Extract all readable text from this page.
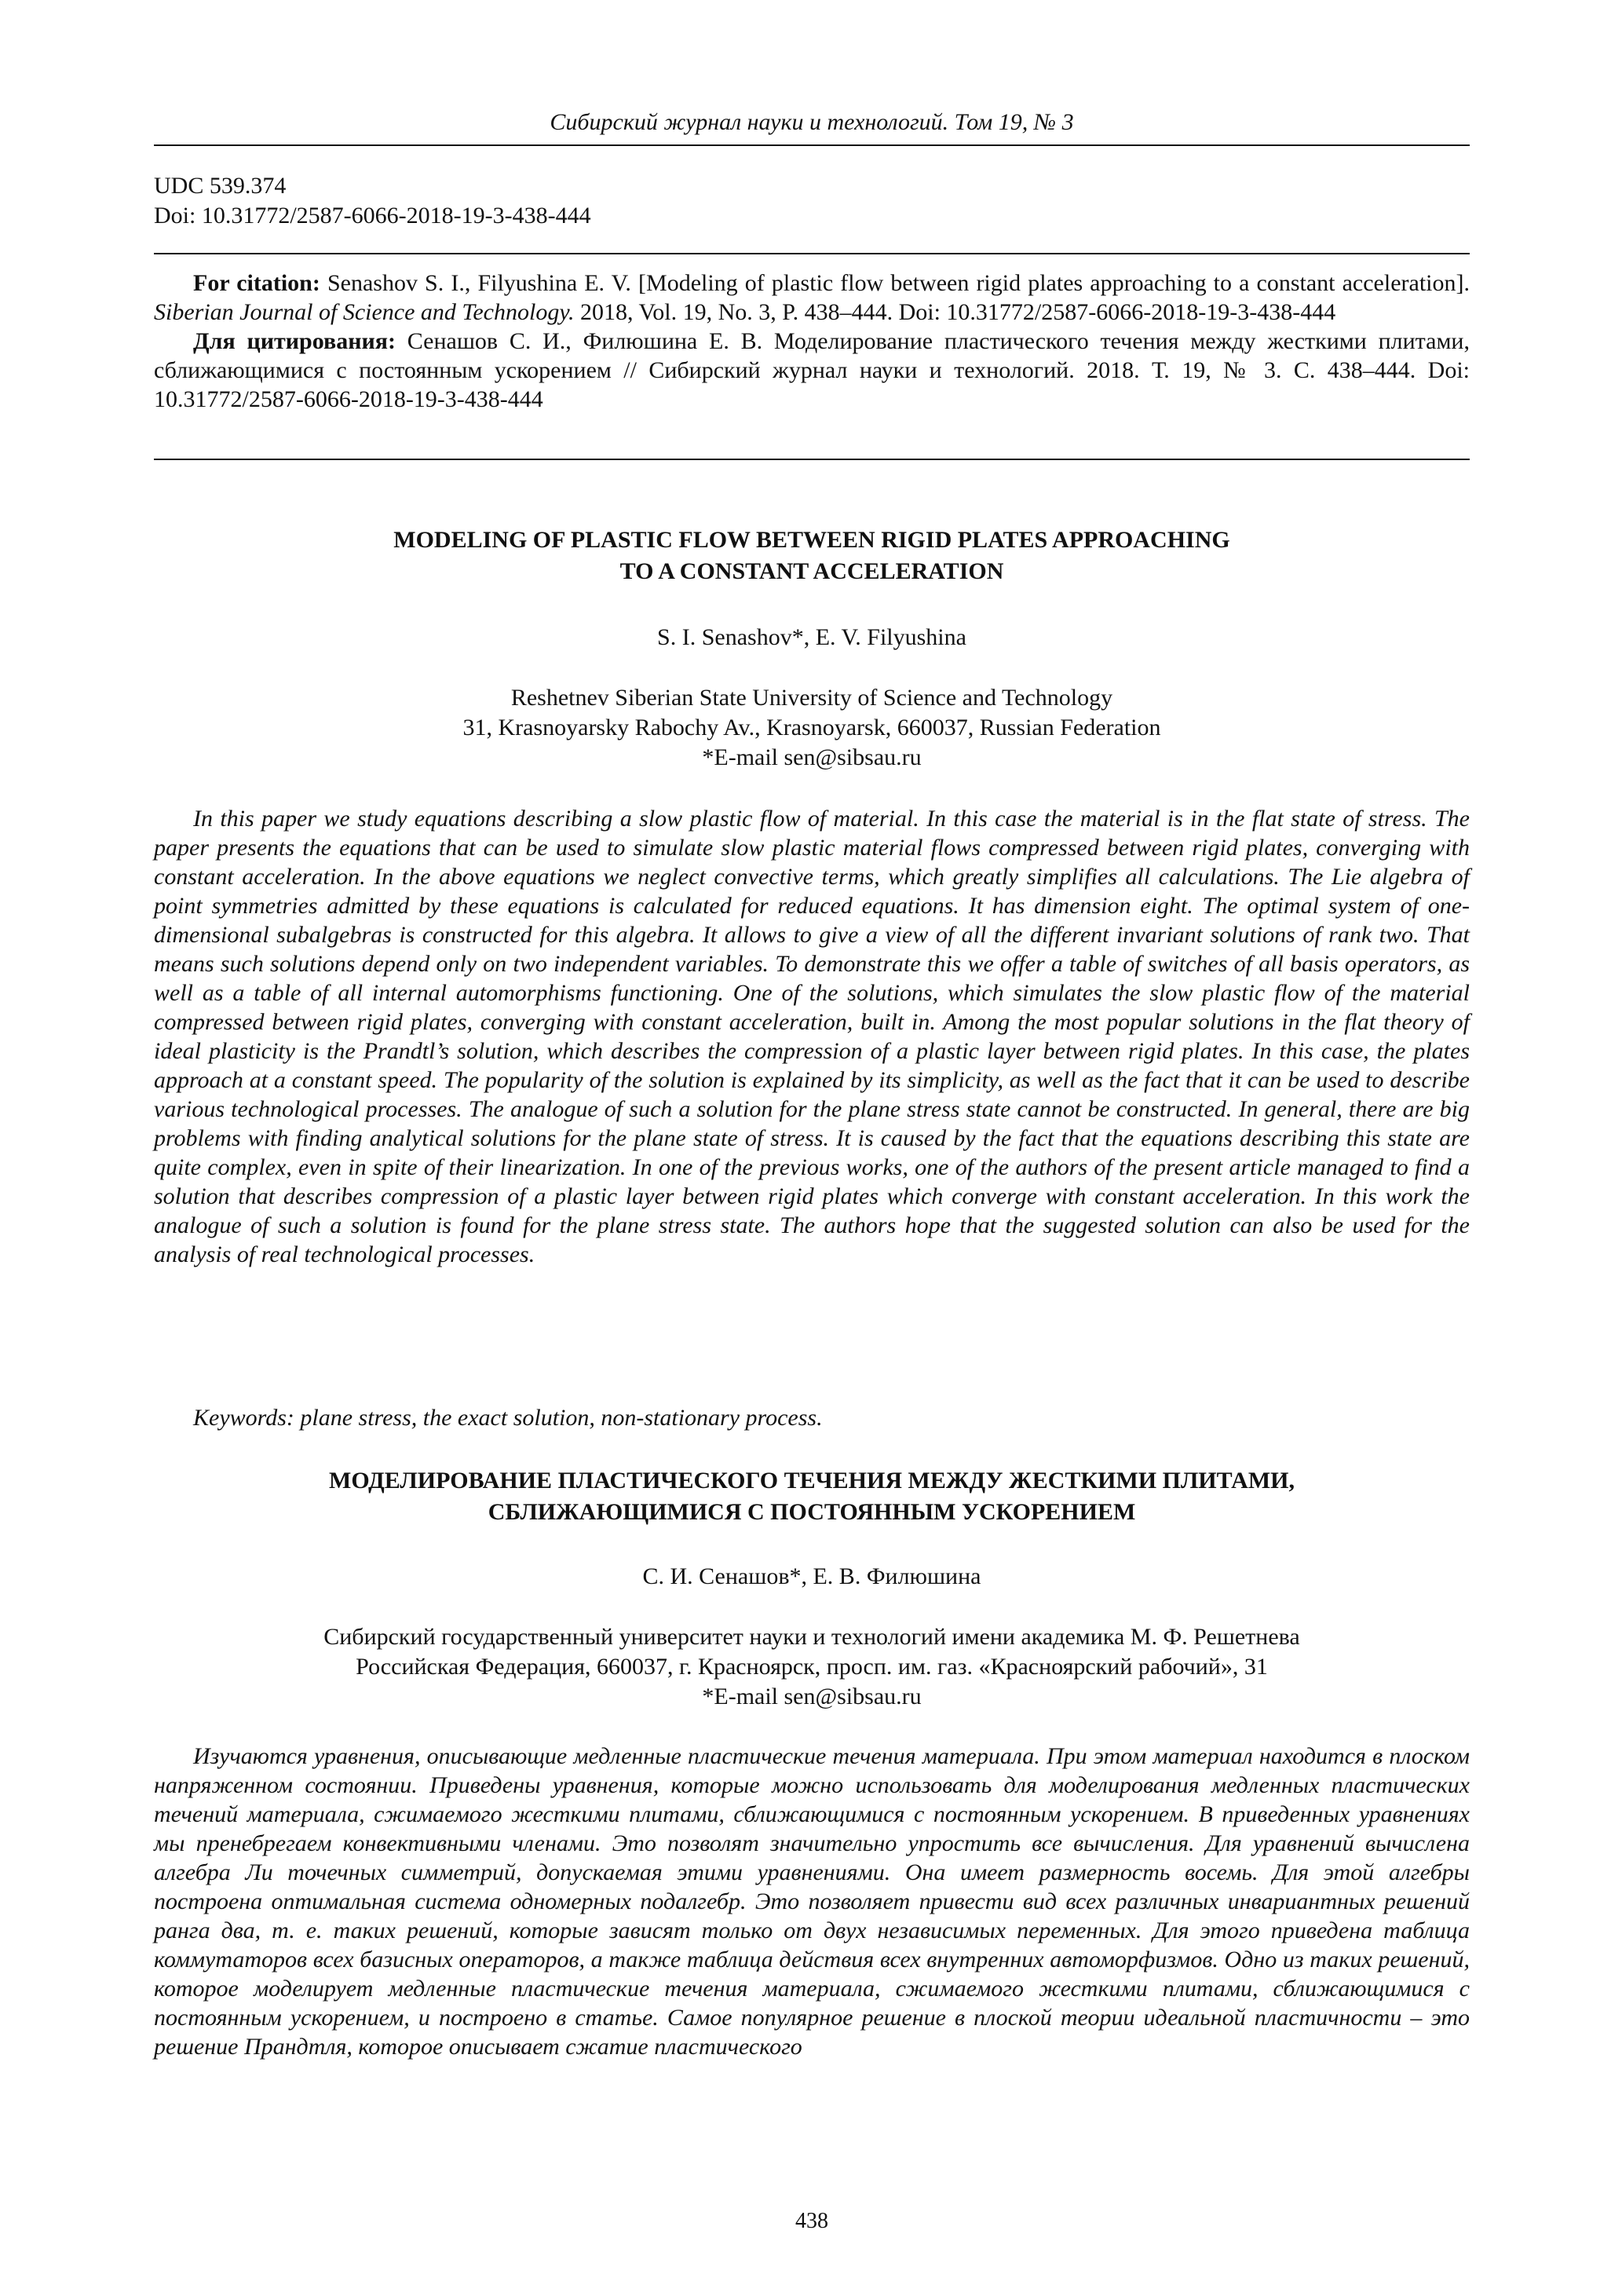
Сибирский журнал науки и технологий. Том 19, № 3
UDC 539.374
Doi: 10.31772/2587-6066-2018-19-3-438-444

For citation: Senashov S. I., Filyushina E. V. [Modeling of plastic flow between rigid plates approaching to a constant acceleration]. Siberian Journal of Science and Technology. 2018, Vol. 19, No. 3, P. 438–444. Doi: 10.31772/2587-6066-2018-19-3-438-444

Для цитирования: Сенашов С. И., Филюшина Е. В. Моделирование пластического течения между жесткими плитами, сближающимися с постоянным ускорением // Сибирский журнал науки и технологий. 2018. Т. 19, № 3. С. 438–444. Doi: 10.31772/2587-6066-2018-19-3-438-444

MODELING OF PLASTIC FLOW BETWEEN RIGID PLATES APPROACHING
TO A CONSTANT ACCELERATION
S. I. Senashov*, E. V. Filyushina
Reshetnev Siberian State University of Science and Technology
31, Krasnoyarsky Rabochy Av., Krasnoyarsk, 660037, Russian Federation
*E-mail sen@sibsau.ru

In this paper we study equations describing a slow plastic flow of material. In this case the material is in the flat state of stress. The paper presents the equations that can be used to simulate slow plastic material flows compressed between rigid plates, converging with constant acceleration. In the above equations we neglect convective terms, which greatly simplifies all calculations. The Lie algebra of point symmetries admitted by these equations is calculated for reduced equations. It has dimension eight. The optimal system of one-dimensional subalgebras is constructed for this algebra. It allows to give a view of all the different invariant solutions of rank two. That means such solutions depend only on two independent variables. To demonstrate this we offer a table of switches of all basis operators, as well as a table of all internal automorphisms functioning. One of the solutions, which simulates the slow plastic flow of the material compressed between rigid plates, converging with constant acceleration, built in. Among the most popular solutions in the flat theory of ideal plasticity is the Prandtl’s solution, which describes the compression of a plastic layer between rigid plates. In this case, the plates approach at a constant speed. The popularity of the solution is explained by its simplicity, as well as the fact that it can be used to describe various technological processes. The analogue of such a solution for the plane stress state cannot be constructed. In general, there are big problems with finding analytical solutions for the plane state of stress. It is caused by the fact that the equations describing this state are quite complex, even in spite of their linearization. In one of the previous works, one of the authors of the present article managed to find a solution that describes compression of a plastic layer between rigid plates which converge with constant acceleration. In this work the analogue of such a solution is found for the plane stress state. The authors hope that the suggested solution can also be used for the analysis of real technological processes.

Keywords: plane stress, the exact solution, non-stationary process.
МОДЕЛИРОВАНИЕ ПЛАСТИЧЕСКОГО ТЕЧЕНИЯ МЕЖДУ ЖЕСТКИМИ ПЛИТАМИ,
СБЛИЖАЮЩИМИСЯ С ПОСТОЯННЫМ УСКОРЕНИЕМ
С. И. Сенашов*, Е. В. Филюшина
Сибирский государственный университет науки и технологий имени академика М. Ф. Решетнева
Российская Федерация, 660037, г. Красноярск, просп. им. газ. «Красноярский рабочий», 31
*E-mail sen@sibsau.ru

Изучаются уравнения, описывающие медленные пластические течения материала. При этом материал находится в плоском напряженном состоянии. Приведены уравнения, которые можно использовать для моделирования медленных пластических течений материала, сжимаемого жесткими плитами, сближающимися с постоянным ускорением. В приведенных уравнениях мы пренебрегаем конвективными членами. Это позволят значительно упростить все вычисления. Для уравнений вычислена алгебра Ли точечных симметрий, допускаемая этими уравнениями. Она имеет размерность восемь. Для этой алгебры построена оптимальная система одномерных подалгебр. Это позволяет привести вид всех различных инвариантных решений ранга два, т. е. таких решений, которые зависят только от двух независимых переменных. Для этого приведена таблица коммутаторов всех базисных операторов, а также таблица действия всех внутренних автоморфизмов. Одно из таких решений, которое моделирует медленные пластические течения материала, сжимаемого жесткими плитами, сближающимися с постоянным ускорением, и построено в статье. Самое популярное решение в плоской теории идеальной пластичности – это решение Прандтля, которое описывает сжатие пластического

438
